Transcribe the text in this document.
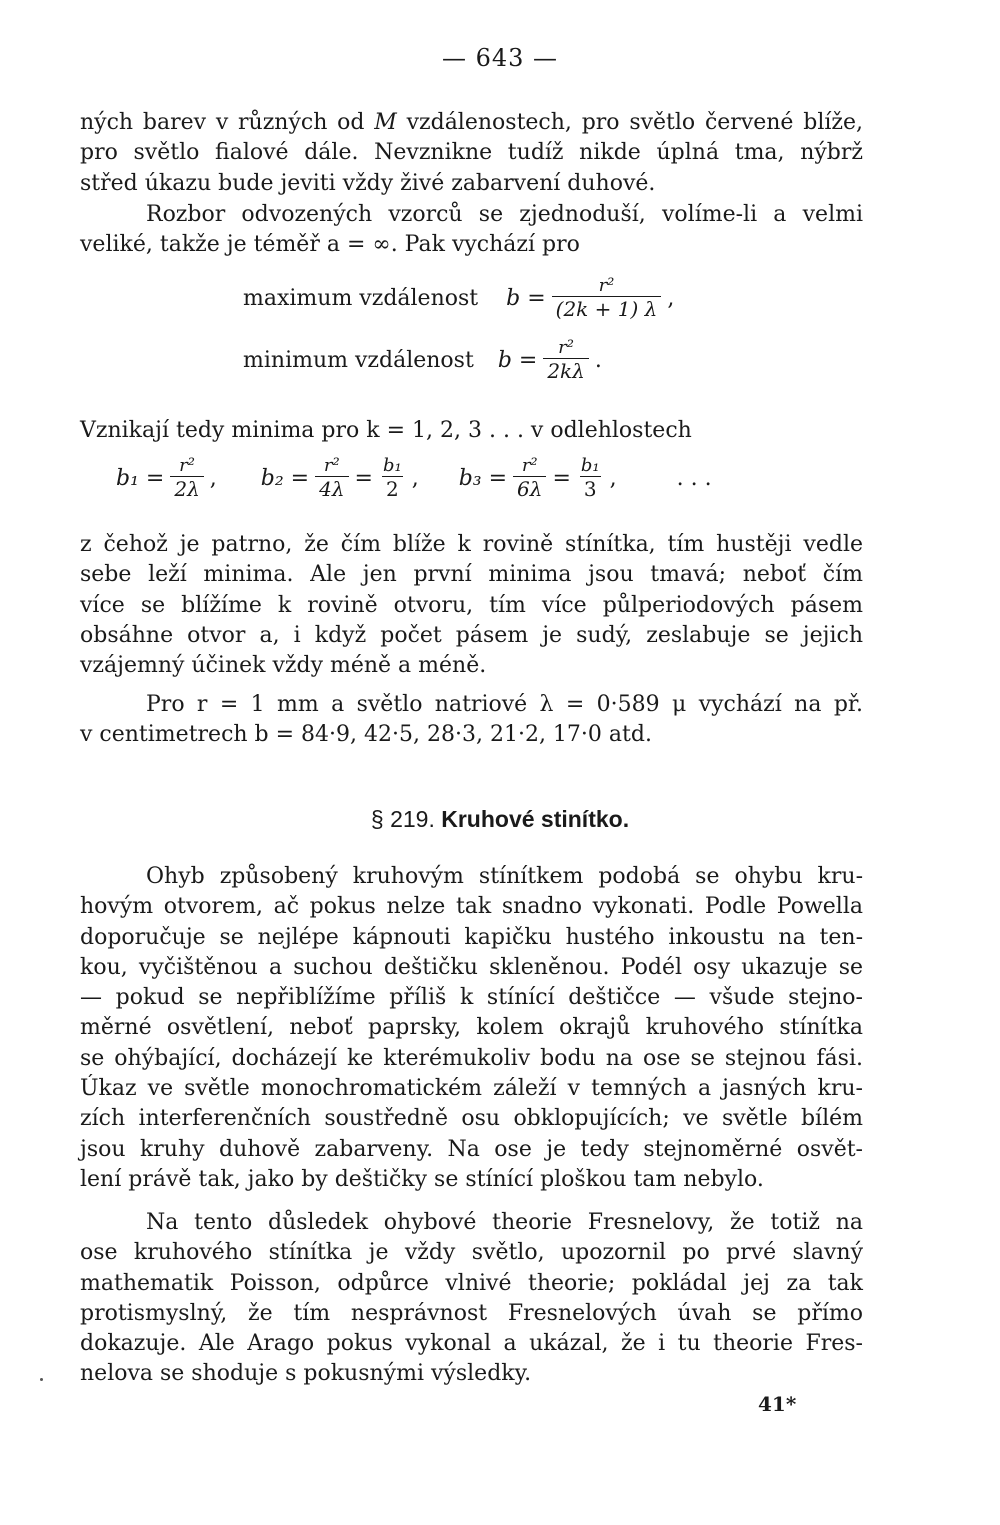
— 643 —
ných barev v různých od M vzdálenostech, pro světlo červené blíže,
pro světlo fialové dále. Nevznikne tudíž nikde úplná tma, nýbrž
střed úkazu bude jeviti vždy živé zabarvení duhové.
Rozbor odvozených vzorců se zjednoduší, volíme-li a velmi
veliké, takže je téměř a = ∞. Pak vychází pro
maximum vzdálenost $b = \frac{\text{r²}}{(2k + 1) \lambda}$ ,
minimum vzdálenost $b = \frac{\text{r²}}{2k\lambda}$ .
Vznikají tedy minima pro k = 1, 2, 3 . . . v odlehlostech
$b_1 = \frac{\text{r²}}{2\lambda}$ , $b_2 = \frac{\text{r²}}{4\lambda} = \frac{\text{b₁}}{2}$ , $b_3 = \frac{\text{r²}}{6\lambda} = \frac{\text{b₁}}{3}$ ,	. . .
z čehož je patrno, že čím blíže k rovině stínítka, tím hustěji vedle
sebe leží minima. Ale jen první minima jsou tmavá; neboť čím
více se blížíme k rovině otvoru, tím více půlperiodových pásem
obsáhne otvor a, i když počet pásem je sudý, zeslabuje se jejich
vzájemný účinek vždy méně a méně.
Pro r = 1 mm a světlo natriové λ = 0·589 μ vychází na př.
v centimetrech b = 84·9, 42·5, 28·3, 21·2, 17·0 atd.
§ 219. Kruhové stinítko.
Ohyb způsobený kruhovým stínítkem podobá se ohybu kru-
hovým otvorem, ač pokus nelze tak snadno vykonati. Podle Powella
doporučuje se nejlépe kápnouti kapičku hustého inkoustu na ten-
kou, vyčištěnou a suchou deštičku skleněnou. Podél osy ukazuje se
— pokud se nepřiblížíme příliš k stínící deštičce — všude stejno-
měrné osvětlení, neboť paprsky, kolem okrajů kruhového stínítka
se ohýbající, docházejí ke kterémukoliv bodu na ose se stejnou fási.
Úkaz ve světle monochromatickém záleží v temných a jasných kru-
zích interferenčních soustředně osu obklopujících; ve světle bílém
jsou kruhy duhově zabarveny. Na ose je tedy stejnoměrné osvět-
lení právě tak, jako by deštičky se stínící ploškou tam nebylo.
Na tento důsledek ohybové theorie Fresnelovy, že totiž na
ose kruhového stínítka je vždy světlo, upozornil po prvé slavný
mathematik Poisson, odpůrce vlnivé theorie; pokládal jej za tak
protismyslný, že tím nesprávnost Fresnelových úvah se přímo
dokazuje. Ale Arago pokus vykonal a ukázal, že i tu theorie Fres-
nelova se shoduje s pokusnými výsledky.
41*
